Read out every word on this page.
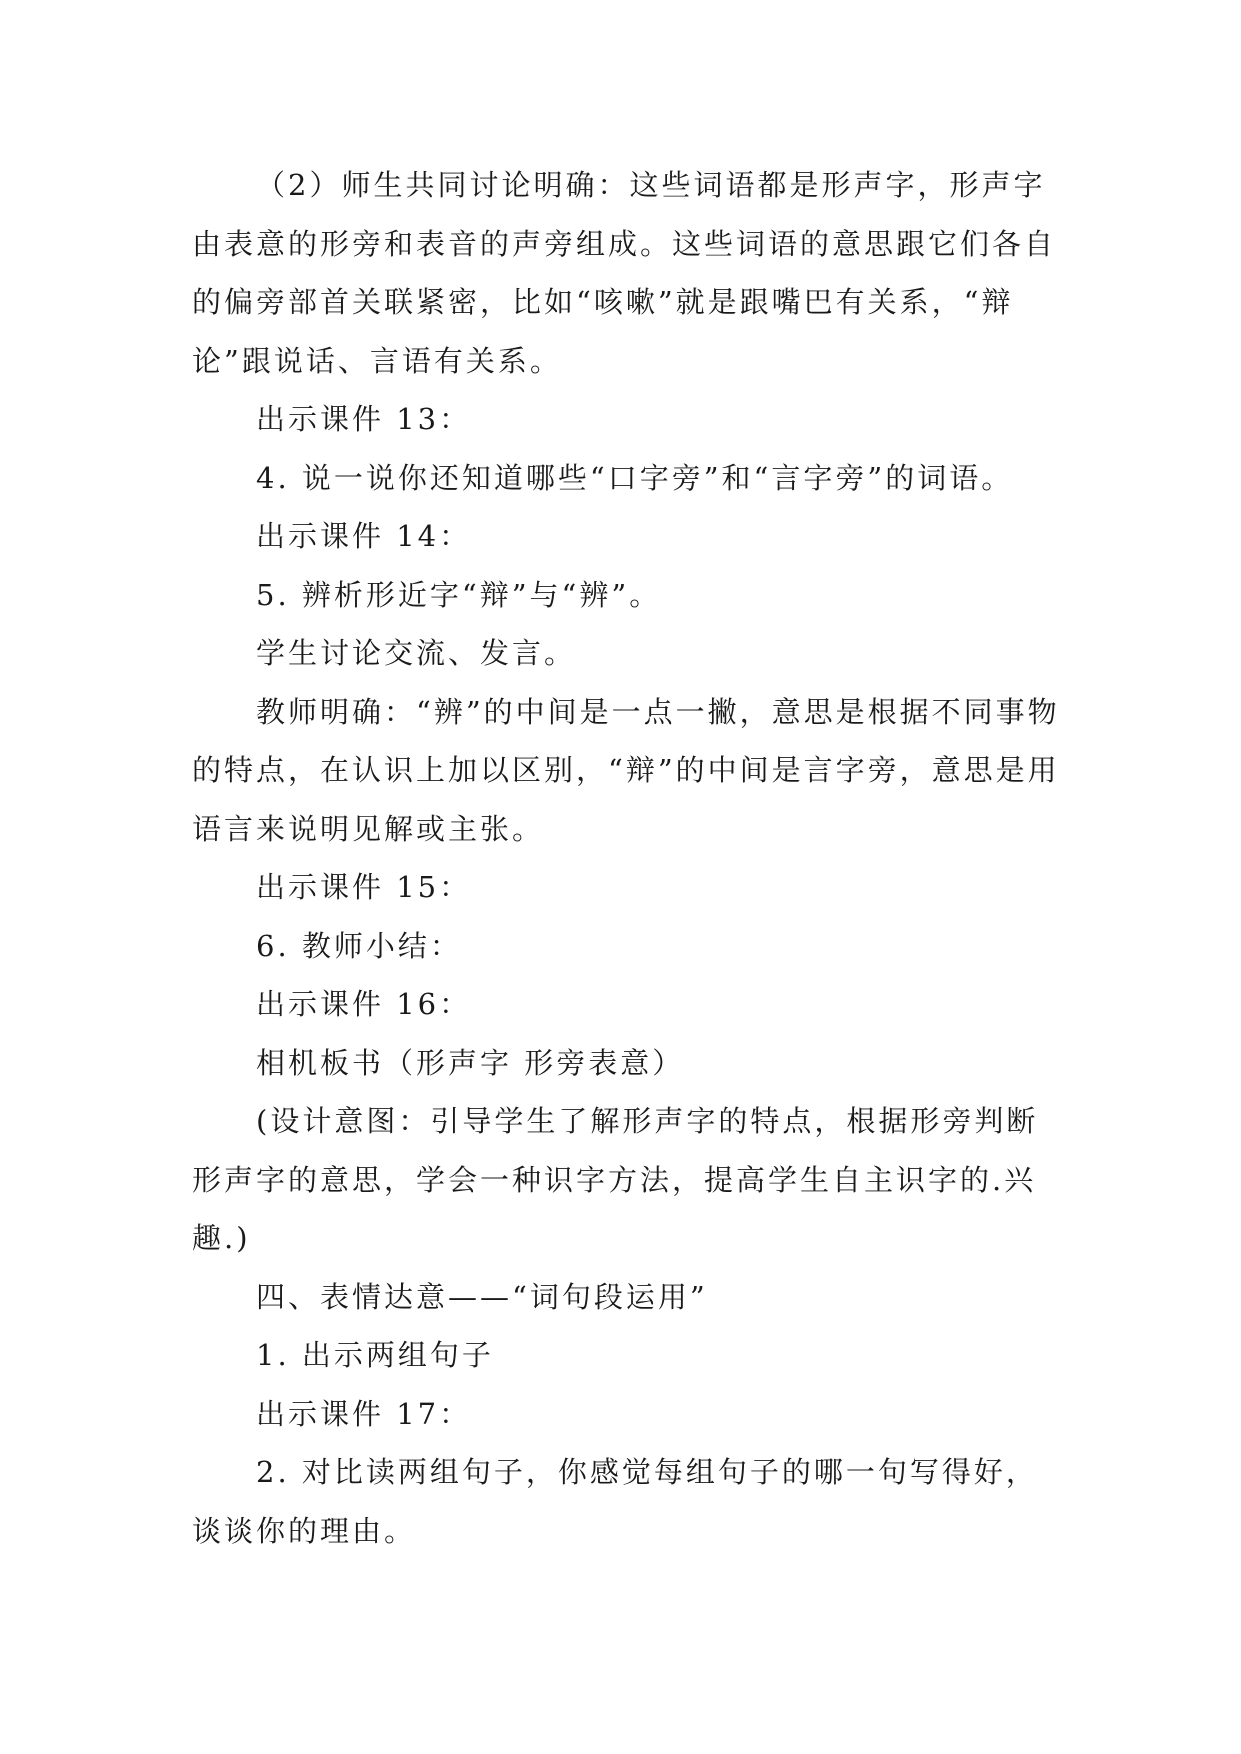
（2）师生共同讨论明确：这些词语都是形声字，形声字由表意的形旁和表音的声旁组成。这些词语的意思跟它们各自的偏旁部首关联紧密，比如“咳嗽”就是跟嘴巴有关系，“辩论”跟说话、言语有关系。

出示课件 13：

4. 说一说你还知道哪些“口字旁”和“言字旁”的词语。

出示课件 14：

5. 辨析形近字“辩”与“辨”。

学生讨论交流、发言。

教师明确：“辨”的中间是一点一撇，意思是根据不同事物的特点，在认识上加以区别，“辩”的中间是言字旁，意思是用语言来说明见解或主张。

出示课件 15：

6. 教师小结：

出示课件 16：

相机板书（形声字 形旁表意）

(设计意图：引导学生了解形声字的特点，根据形旁判断形声字的意思，学会一种识字方法，提高学生自主识字的.兴趣.)

四、表情达意——“词句段运用”

1. 出示两组句子

出示课件 17：

2. 对比读两组句子，你感觉每组句子的哪一句写得好，谈谈你的理由。
